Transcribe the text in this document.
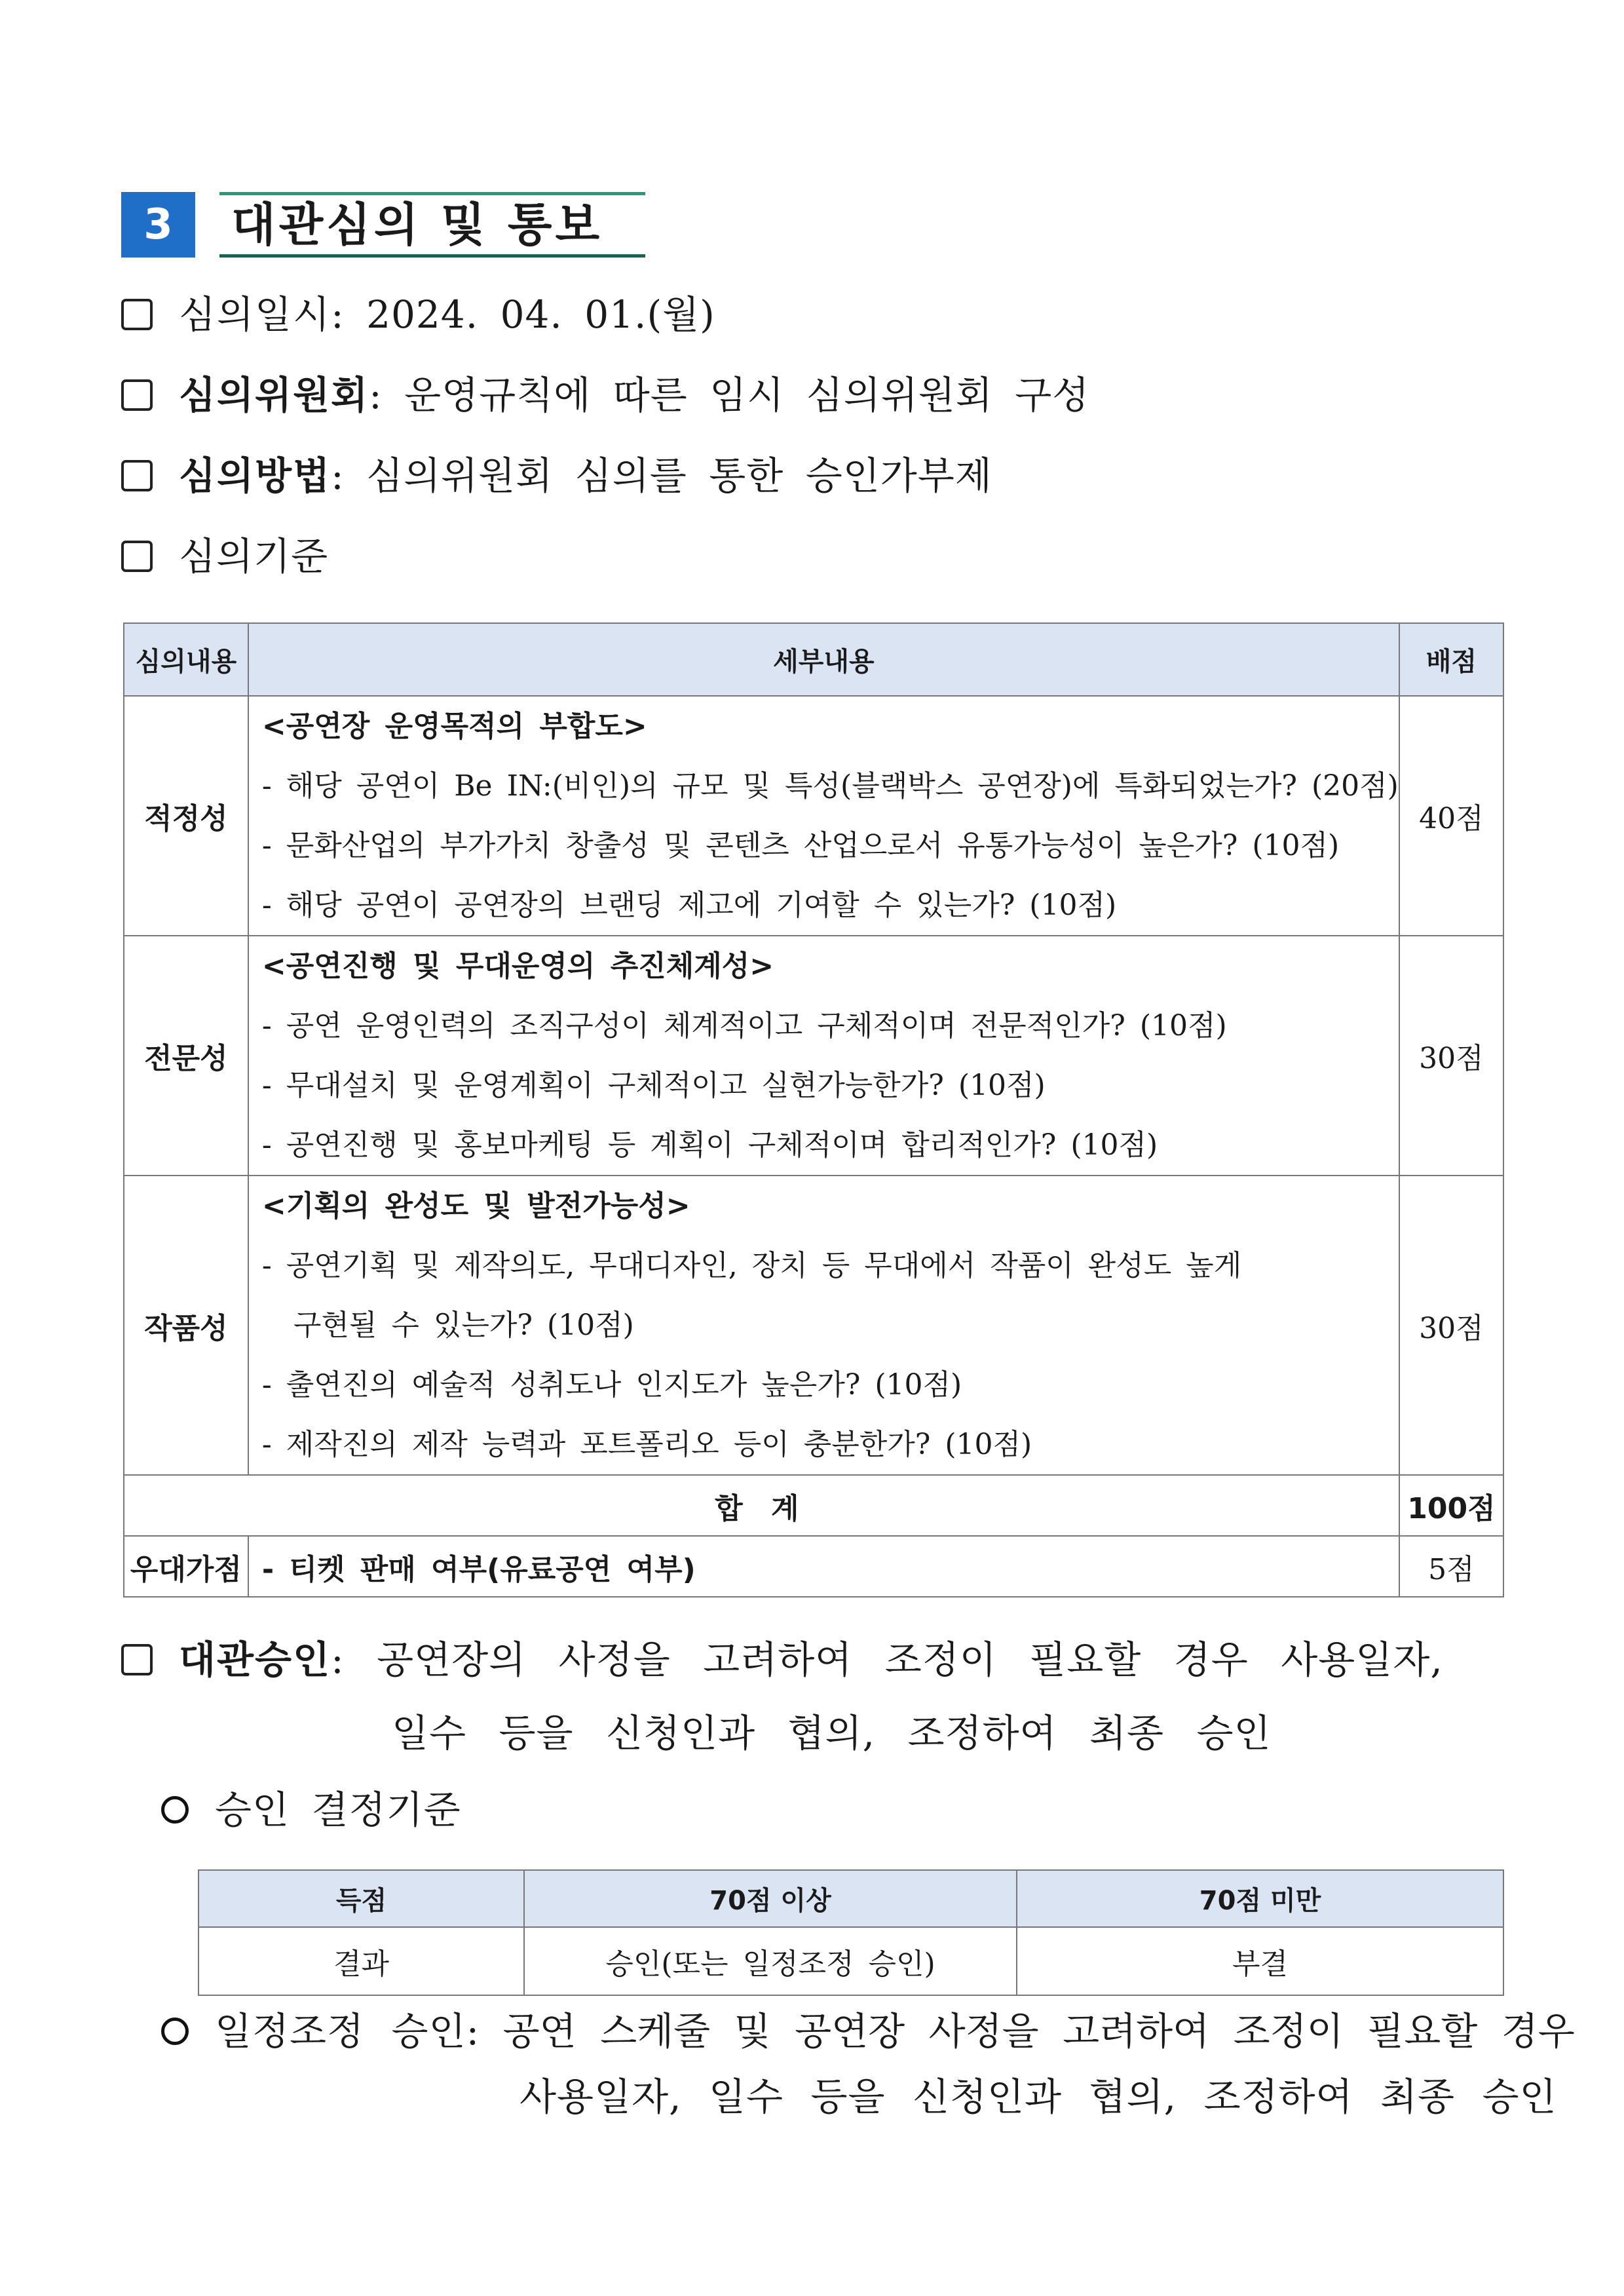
3	대관심의 및 통보
심의일시: 2024. 04. 01.(월)
심의위원회: 운영규칙에 따른 임시 심의위원회 구성
심의방법: 심의위원회 심의를 통한 승인가부제
심의기준
심의내용	세부내용	배점
적정성	<공연장 운영목적의 부합도>
- 해당 공연이 Be IN:(비인)의 규모 및 특성(블랙박스 공연장)에 특화되었는가? (20점)
- 문화산업의 부가가치 창출성 및 콘텐츠 산업으로서 유통가능성이 높은가? (10점)
- 해당 공연이 공연장의 브랜딩 제고에 기여할 수 있는가? (10점)	40점
전문성	<공연진행 및 무대운영의 추진체계성>
- 공연 운영인력의 조직구성이 체계적이고 구체적이며 전문적인가? (10점)
- 무대설치 및 운영계획이 구체적이고 실현가능한가? (10점)
- 공연진행 및 홍보마케팅 등 계획이 구체적이며 합리적인가? (10점)	30점
작품성	<기획의 완성도 및 발전가능성>
- 공연기획 및 제작의도, 무대디자인, 장치 등 무대에서 작품이 완성도 높게
구현될 수 있는가? (10점)
- 출연진의 예술적 성취도나 인지도가 높은가? (10점)
- 제작진의 제작 능력과 포트폴리오 등이 충분한가? (10점)	30점
합 계		100점
우대가점	- 티켓 판매 여부(유료공연 여부)	5점
대관승인: 공연장의 사정을 고려하여 조정이 필요할 경우 사용일자,
일수 등을 신청인과 협의, 조정하여 최종 승인
승인 결정기준
득점	70점 이상	70점 미만
결과	승인(또는 일정조정 승인)	부결
일정조정 승인: 공연 스케줄 및 공연장 사정을 고려하여 조정이 필요할 경우
사용일자, 일수 등을 신청인과 협의, 조정하여 최종 승인
